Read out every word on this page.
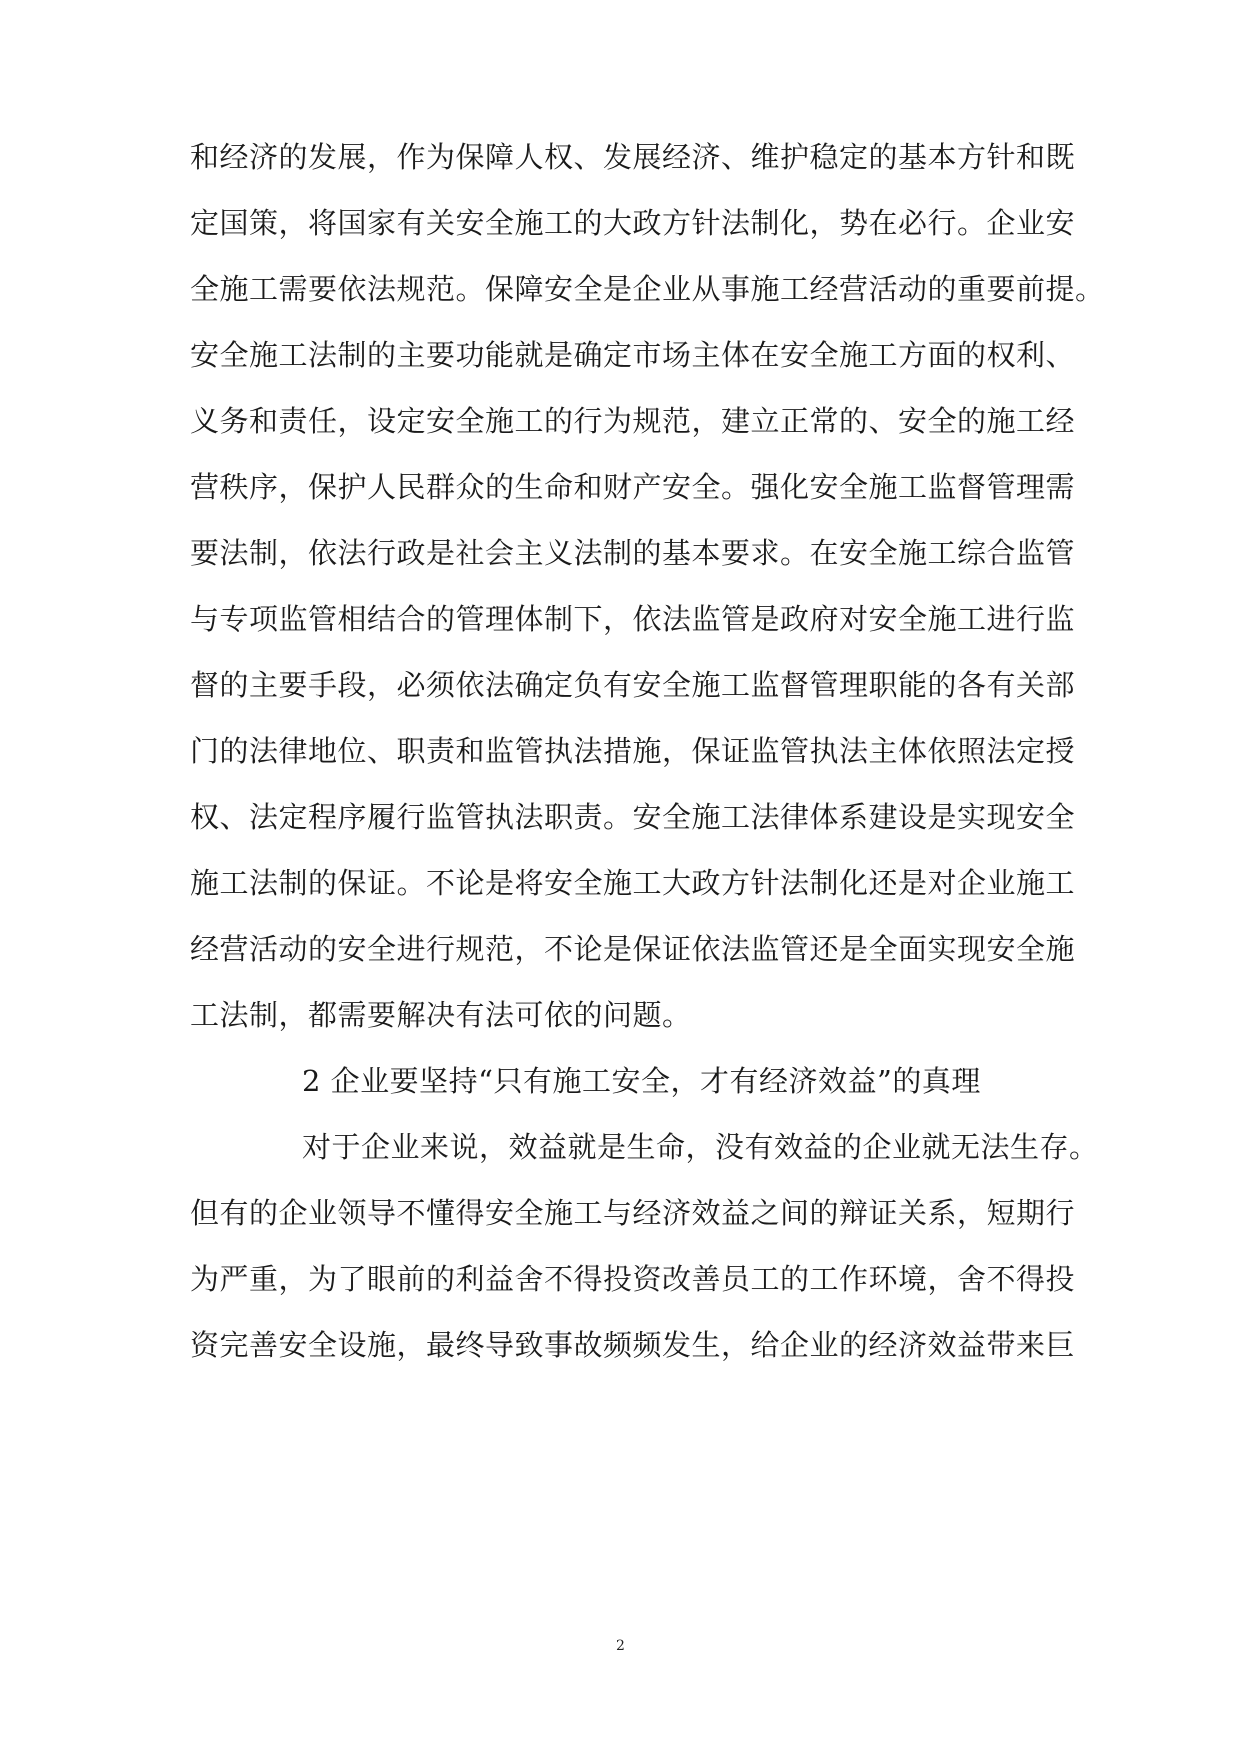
和经济的发展，作为保障人权、发展经济、维护稳定的基本方针和既
定国策，将国家有关安全施工的大政方针法制化，势在必行。企业安
全施工需要依法规范。保障安全是企业从事施工经营活动的重要前提。
安全施工法制的主要功能就是确定市场主体在安全施工方面的权利、
义务和责任，设定安全施工的行为规范，建立正常的、安全的施工经
营秩序，保护人民群众的生命和财产安全。强化安全施工监督管理需
要法制，依法行政是社会主义法制的基本要求。在安全施工综合监管
与专项监管相结合的管理体制下，依法监管是政府对安全施工进行监
督的主要手段，必须依法确定负有安全施工监督管理职能的各有关部
门的法律地位、职责和监管执法措施，保证监管执法主体依照法定授
权、法定程序履行监管执法职责。安全施工法律体系建设是实现安全
施工法制的保证。不论是将安全施工大政方针法制化还是对企业施工
经营活动的安全进行规范，不论是保证依法监管还是全面实现安全施
工法制，都需要解决有法可依的问题。
2 企业要坚持“只有施工安全，才有经济效益”的真理
对于企业来说，效益就是生命，没有效益的企业就无法生存。
但有的企业领导不懂得安全施工与经济效益之间的辩证关系，短期行
为严重，为了眼前的利益舍不得投资改善员工的工作环境，舍不得投
资完善安全设施，最终导致事故频频发生，给企业的经济效益带来巨
2
